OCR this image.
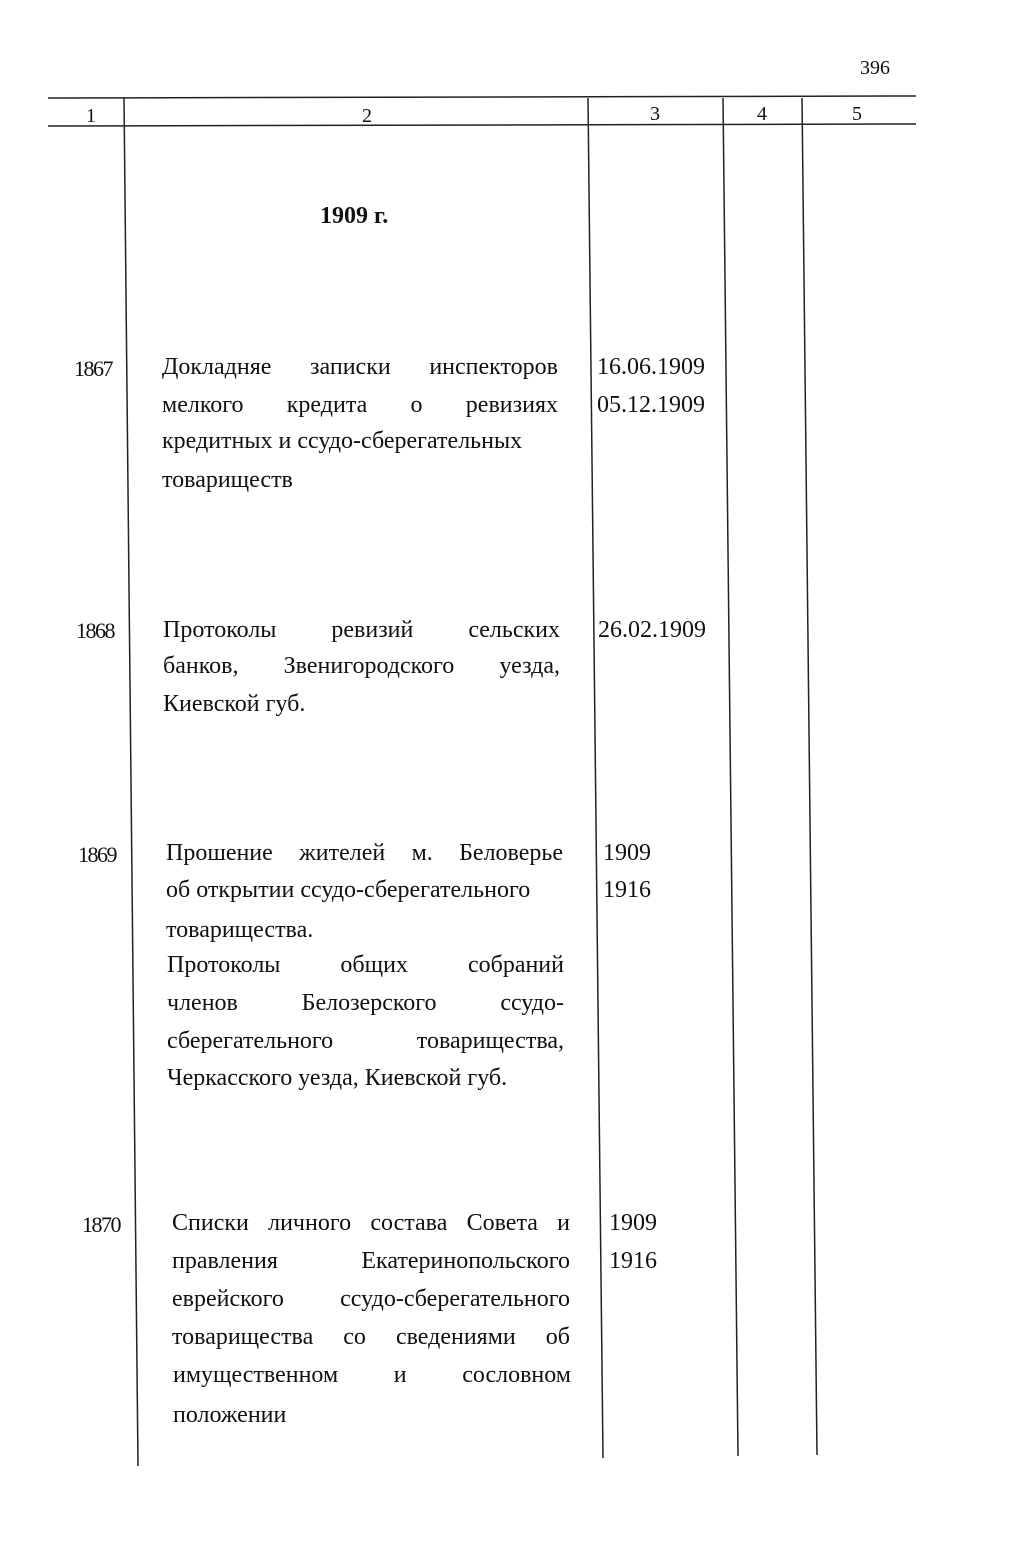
396
1	2	3	4	5
1909 г.
1867 Докладняе записки инспекторов
мелкого кредита о ревизиях
кредитных и ссудо-сберегательных
товариществ
16.06.1909
05.12.1909
1868 Протоколы ревизий сельских
банков, Звенигородского уезда,
Киевской губ.
26.02.1909
1869 Прошение жителей м. Беловерье
об открытии ссудо-сберегательного
товарищества.
Протоколы общих собраний
членов Белозерского ссудо-
сберегательного товарищества,
Черкасского уезда, Киевской губ.
1909
1916
1870 Списки личного состава Совета и
правления Екатеринопольского
еврейского ссудо-сберегательного
товарищества со сведениями об
имущественном и сословном
положении
1909
1916
